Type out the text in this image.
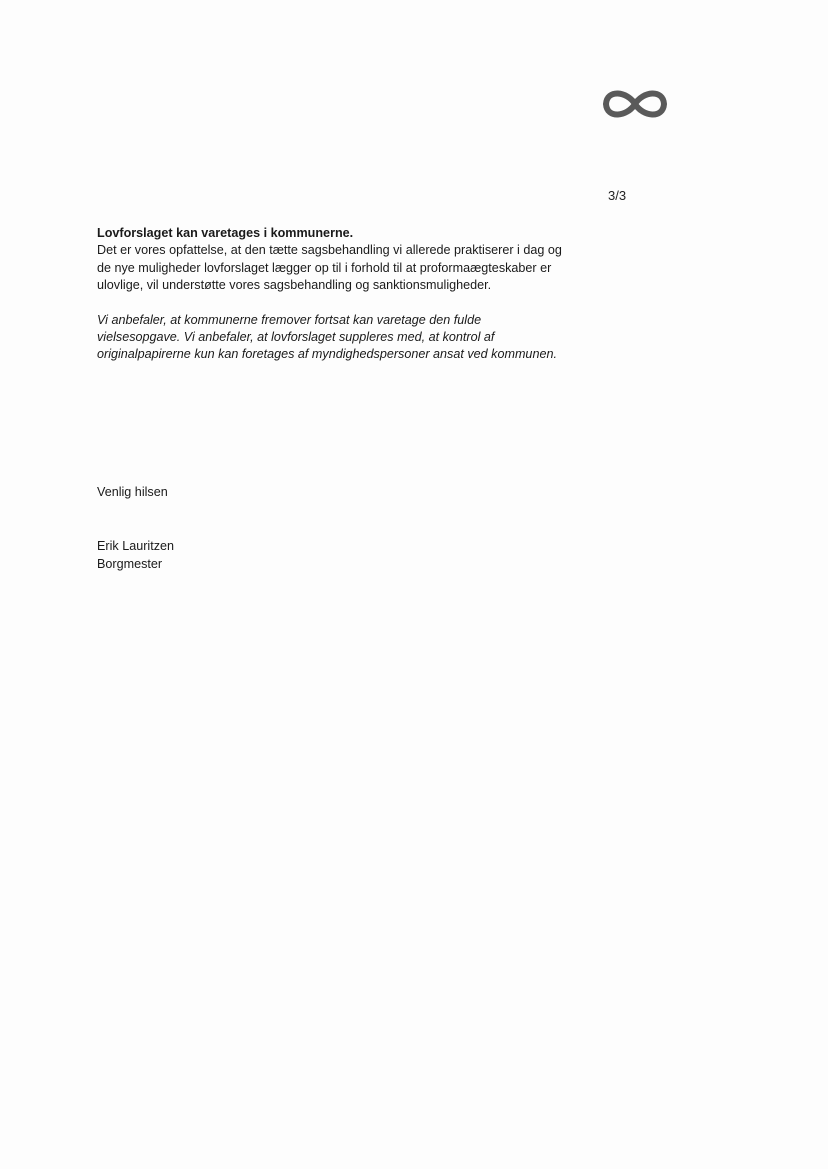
3/3

Lovforslaget kan varetages i kommunerne.

Det er vores opfattelse, at den tætte sagsbehandling vi allerede praktiserer i dag og de nye muligheder lovforslaget lægger op til i forhold til at proformaægteskaber er ulovlige, vil understøtte vores sagsbehandling og sanktionsmuligheder.

Vi anbefaler, at kommunerne fremover fortsat kan varetage den fulde vielsesopgave. Vi anbefaler, at lovforslaget suppleres med, at kontrol af originalpapirerne kun kan foretages af myndighedspersoner ansat ved kommunen.

Venlig hilsen
Erik Lauritzen
Borgmester
